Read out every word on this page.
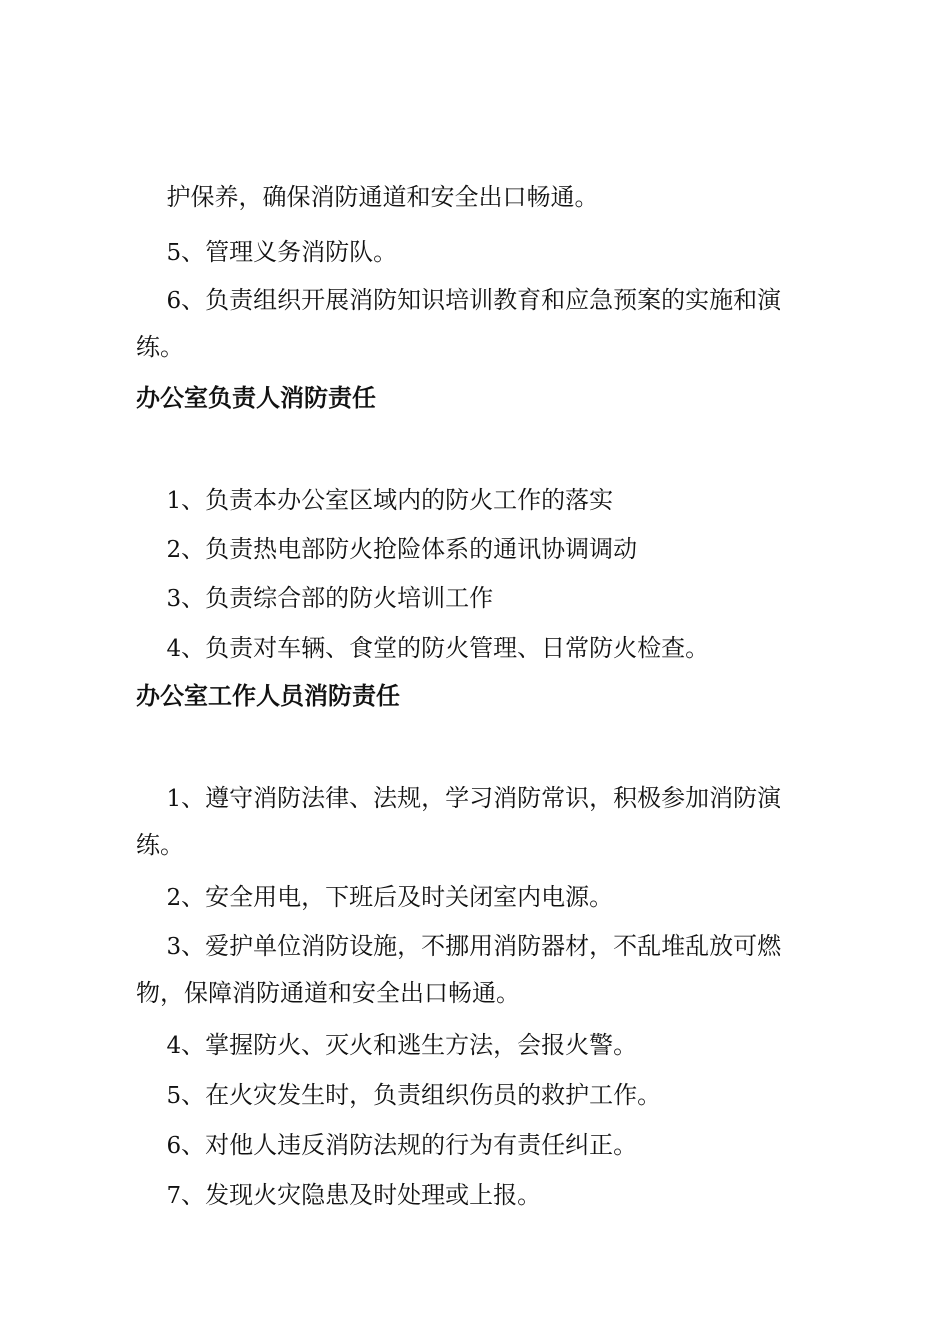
护保养，确保消防通道和安全出口畅通。

5、管理义务消防队。

6、负责组织开展消防知识培训教育和应急预案的实施和演练。

办公室负责人消防责任

1、负责本办公室区域内的防火工作的落实

2、负责热电部防火抢险体系的通讯协调调动

3、负责综合部的防火培训工作

4、负责对车辆、食堂的防火管理、日常防火检查。

办公室工作人员消防责任

1、遵守消防法律、法规，学习消防常识，积极参加消防演练。

2、安全用电，下班后及时关闭室内电源。

3、爱护单位消防设施，不挪用消防器材，不乱堆乱放可燃物，保障消防通道和安全出口畅通。

4、掌握防火、灭火和逃生方法，会报火警。

5、在火灾发生时，负责组织伤员的救护工作。

6、对他人违反消防法规的行为有责任纠正。

7、发现火灾隐患及时处理或上报。
